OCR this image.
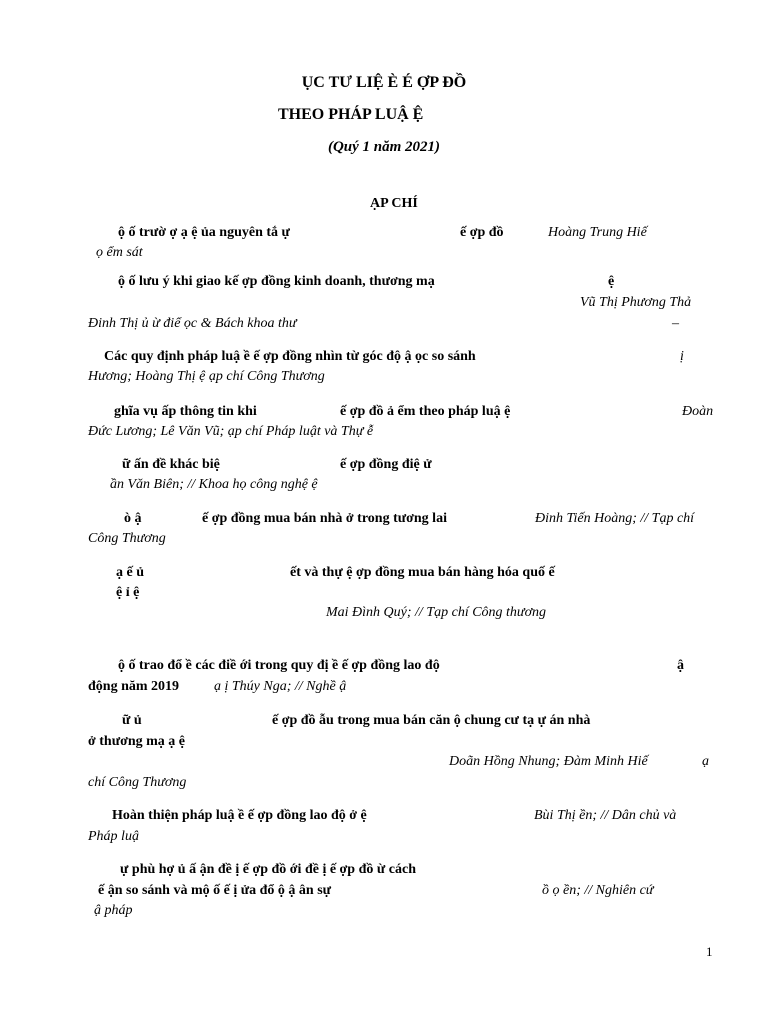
ỤC TƯ LIỆ È É ỢP ĐỒ
THEO PHÁP LUẬ Ệ
(Quý 1 năm 2021)
ẠP CHÍ
ộ ố trườ ợ ạ ệ ủa nguyên tắ ự	ế ợp đồ	Hoàng Trung Hiế
ọ ểm sát
ộ ố lưu ý khi giao kế ợp đồng kinh doanh, thương mạ	ệ
Vũ Thị Phương Thả
Đinh Thị ủ ừ điể ọc & Bách khoa thư	–
Các quy định pháp luậ ề ế ợp đồng nhìn từ góc độ ậ ọc so sánh	ị
Hương; Hoàng Thị ệ ạp chí Công Thương
ghĩa vụ ấp thông tin khi	ế ợp đồ ả ểm theo pháp luậ ệ	Đoàn
Đức Lương; Lê Văn Vũ; ạp chí Pháp luật và Thự ễ
ữ ấn đề khác biệ	ế ợp đồng điệ ử
ần Văn Biên; // Khoa họ công nghệ ệ
ò ậ	ế ợp đồng mua bán nhà ở trong tương lai	Đinh Tiến Hoàng; // Tạp chí
Công Thương
ạ ế ủ	ết và thự ệ ợp đồng mua bán hàng hóa quố ế
ệ ỉ ệ
Mai Đình Quý; // Tạp chí Công thương
ộ ố trao đổ ề các điề ới trong quy đị ề ế ợp đồng lao độ	ậ
động năm 2019 ạ ị Thúy Nga; // Nghề ậ
ữ ủ	ế ợp đồ ẫu trong mua bán căn ộ chung cư tạ ự án nhà
ở thương mạ ạ ệ
Doãn Hồng Nhung; Đàm Minh Hiế	ạ
chí Công Thương
Hoàn thiện pháp luậ ề ế ợp đồng lao độ ở ệ	Bùi Thị ền; // Dân chủ và
Pháp luậ
ự phù hợ ủ ấ ận đề ị ế ợp đồ ới đề ị ế ợp đồ ừ cách
ế ận so sánh và mộ ố ế ị ửa đổ ộ ậ ân sự	ồ ọ ền; // Nghiên cứ
ậ pháp
1
